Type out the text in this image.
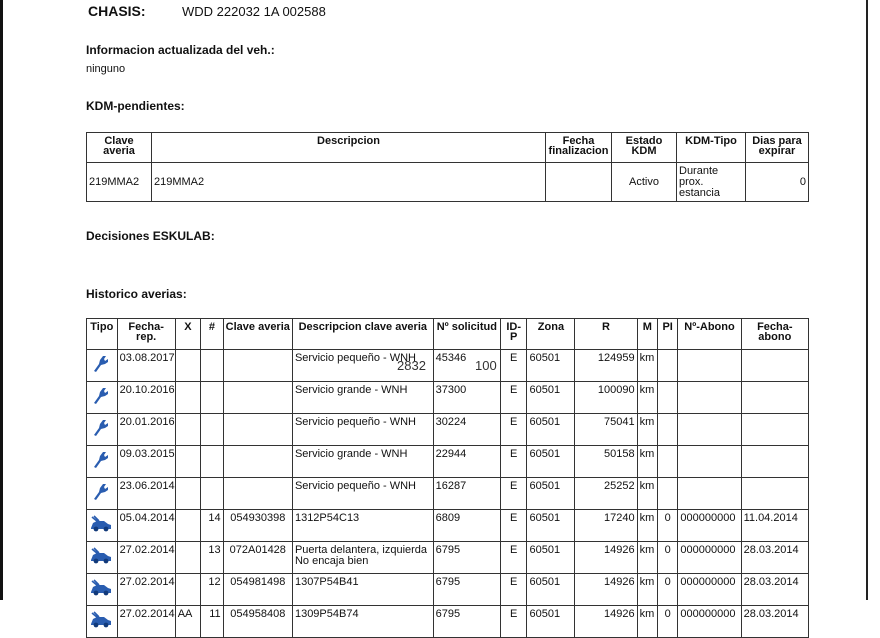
CHASIS:	WDD 222032 1A 002588
Informacion actualizada del veh.:
ninguno
KDM-pendientes:
Clave averia	Descripcion	Fecha finalizacion	Estado KDM	KDM-Tipo	Dias para expirar
219MMA2	219MMA2		Activo	Durante prox. estancia	0
Decisiones ESKULAB:
Historico averias:
Tipo	Fecha-rep.	X	#	Clave averia	Descripcion clave averia	Nº solicitud	ID-P	Zona	R	M	PI	Nº-Abono	Fecha-abono

	03.08.2017				Servicio pequeño - WNH	45346	E	60501	124959	km			

	20.10.2016				Servicio grande - WNH	37300	E	60501	100090	km			

	20.01.2016				Servicio pequeño - WNH	30224	E	60501	75041	km			

	09.03.2015				Servicio grande - WNH	22944	E	60501	50158	km			

	23.06.2014				Servicio pequeño - WNH	16287	E	60501	25252	km			

	05.04.2014		14	054930398	1312P54C13	6809	E	60501	17240	km	0	000000000	11.04.2014

	27.02.2014		13	072A01428	Puerta delantera, izquierda No encaja bien	6795	E	60501	14926	km	0	000000000	28.03.2014

	27.02.2014		12	054981498	1307P54B41	6795	E	60501	14926	km	0	000000000	28.03.2014

	27.02.2014	AA	11	054958408	1309P54B74	6795	E	60501	14926	km	0	000000000	28.03.2014
2832	100
